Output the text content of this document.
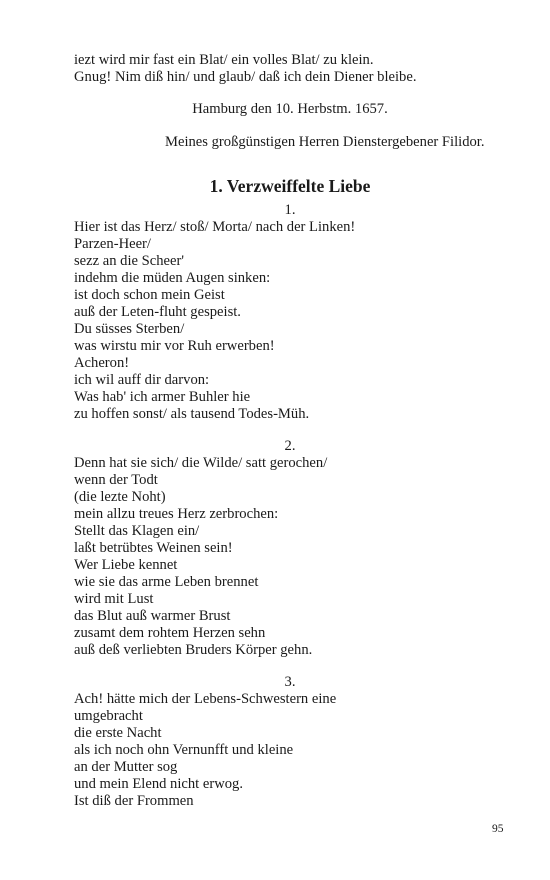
iezt wird mir fast ein Blat/ ein volles Blat/ zu klein.
Gnug! Nim diß hin/ und glaub/ daß ich dein Diener bleibe.
Hamburg den 10. Herbstm. 1657.
Meines großgünstigen Herren Dienstergebener Filidor.
1. Verzweiffelte Liebe
1.
Hier ist das Herz/ stoß/ Morta/ nach der Linken!
Parzen-Heer/
sezz an die Scheer'
indehm die müden Augen sinken:
ist doch schon mein Geist
auß der Leten-fluht gespeist.
Du süsses Sterben/
was wirstu mir vor Ruh erwerben!
Acheron!
ich wil auff dir darvon:
Was hab' ich armer Buhler hie
zu hoffen sonst/ als tausend Todes-Müh.
2.
Denn hat sie sich/ die Wilde/ satt gerochen/
wenn der Todt
(die lezte Noht)
mein allzu treues Herz zerbrochen:
Stellt das Klagen ein/
laßt betrübtes Weinen sein!
Wer Liebe kennet
wie sie das arme Leben brennet
wird mit Lust
das Blut auß warmer Brust
zusamt dem rohtem Herzen sehn
auß deß verliebten Bruders Körper gehn.
3.
Ach! hätte mich der Lebens-Schwestern eine
umgebracht
die erste Nacht
als ich noch ohn Vernunfft und kleine
an der Mutter sog
und mein Elend nicht erwog.
Ist diß der Frommen
95
